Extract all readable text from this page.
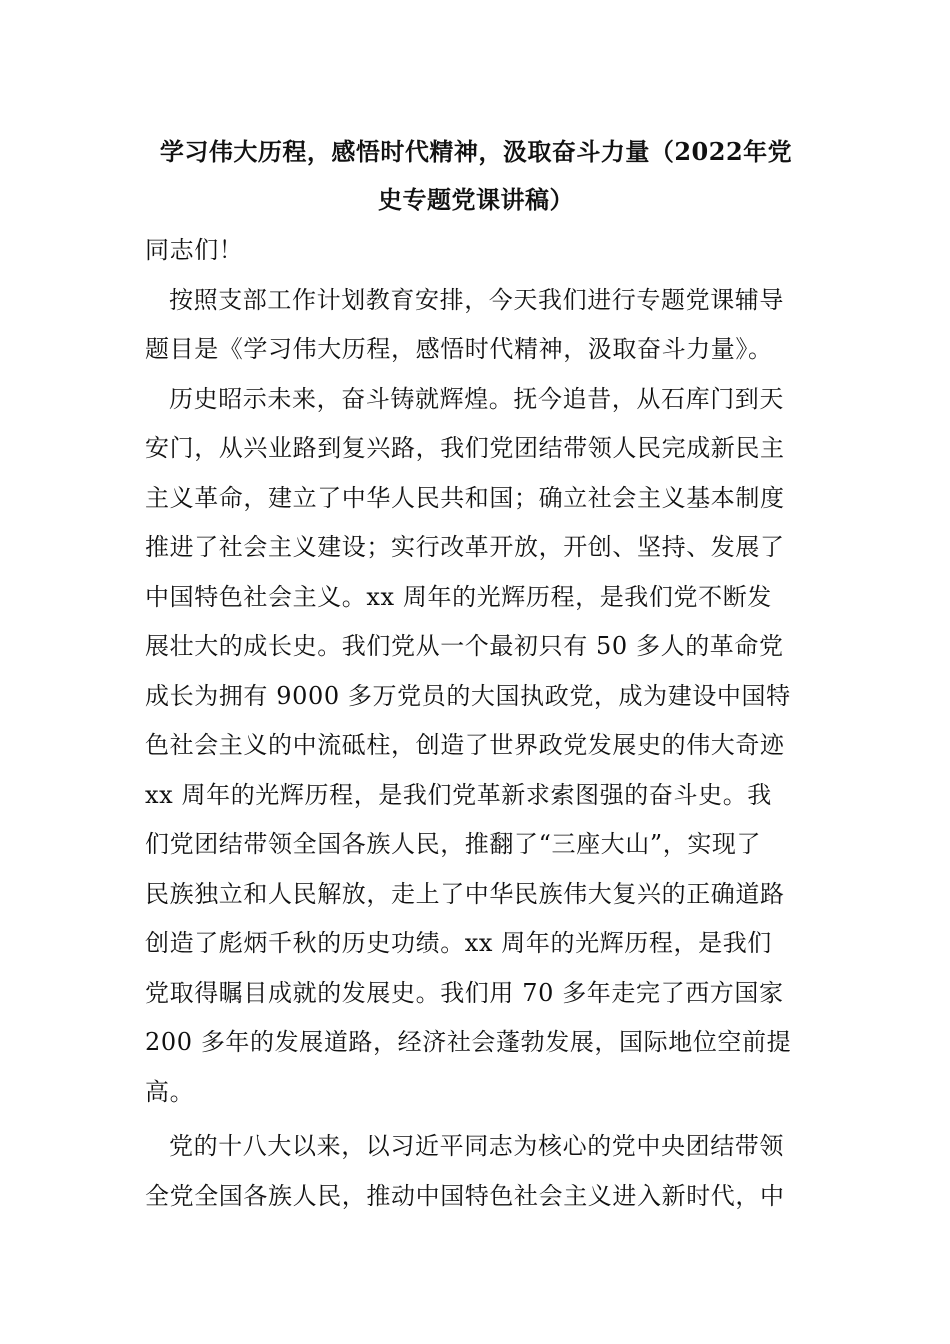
学习伟大历程，感悟时代精神，汲取奋斗力量（2022年党
史专题党课讲稿）
同志们！
按照支部工作计划教育安排，今天我们进行专题党课辅导
题目是《学习伟大历程，感悟时代精神，汲取奋斗力量》。
历史昭示未来，奋斗铸就辉煌。抚今追昔，从石库门到天
安门，从兴业路到复兴路，我们党团结带领人民完成新民主
主义革命，建立了中华人民共和国；确立社会主义基本制度
推进了社会主义建设；实行改革开放，开创、坚持、发展了
中国特色社会主义。xx 周年的光辉历程，是我们党不断发
展壮大的成长史。我们党从一个最初只有 50 多人的革命党
成长为拥有 9000 多万党员的大国执政党，成为建设中国特
色社会主义的中流砥柱，创造了世界政党发展史的伟大奇迹
xx 周年的光辉历程，是我们党革新求索图强的奋斗史。我
们党团结带领全国各族人民，推翻了“三座大山”，实现了
民族独立和人民解放，走上了中华民族伟大复兴的正确道路
创造了彪炳千秋的历史功绩。xx 周年的光辉历程，是我们
党取得瞩目成就的发展史。我们用 70 多年走完了西方国家
200 多年的发展道路，经济社会蓬勃发展，国际地位空前提
高。
党的十八大以来，以习近平同志为核心的党中央团结带领
全党全国各族人民，推动中国特色社会主义进入新时代，中
